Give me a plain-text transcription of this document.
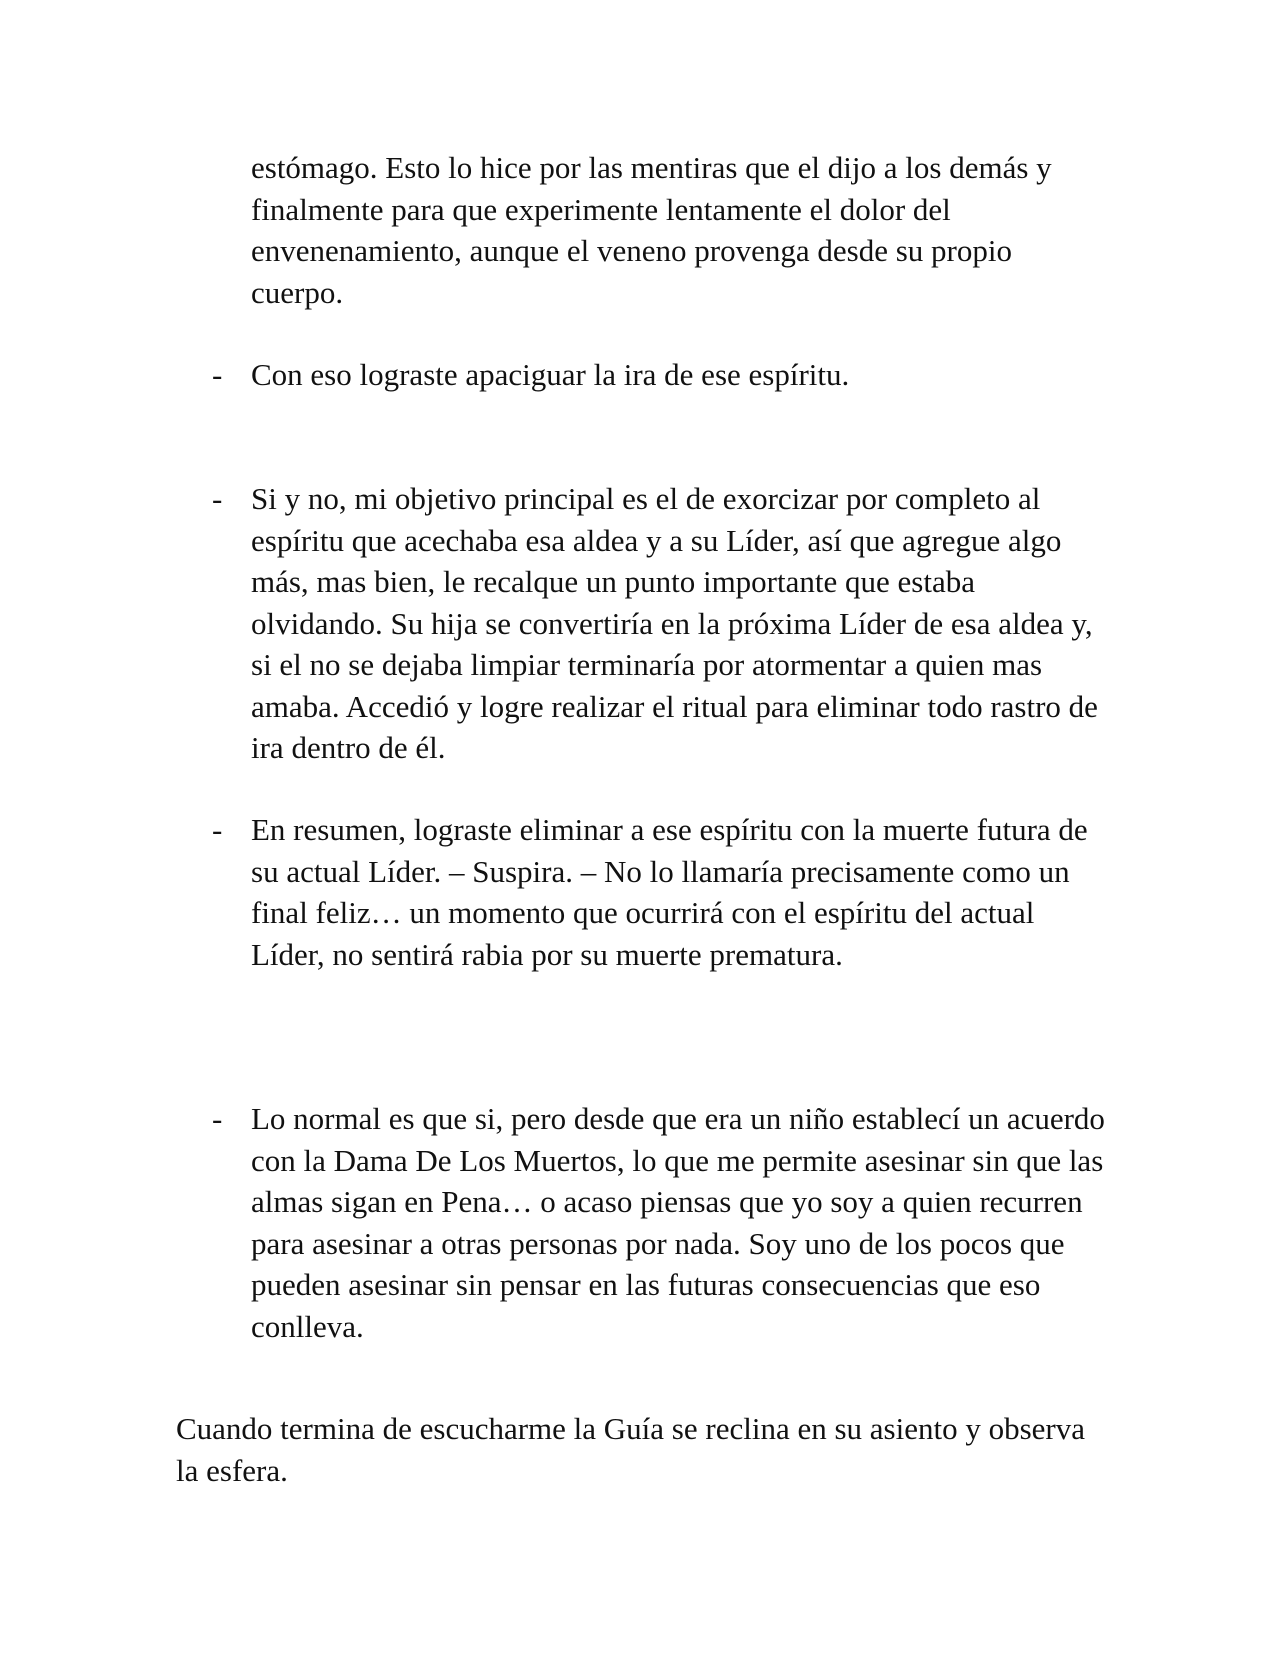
estómago. Esto lo hice por las mentiras que el dijo a los demás y finalmente para que experimente lentamente el dolor del envenenamiento, aunque el veneno provenga desde su propio cuerpo.

- Con eso lograste apaciguar la ira de ese espíritu.

- Si y no, mi objetivo principal es el de exorcizar por completo al espíritu que acechaba esa aldea y a su Líder, así que agregue algo más, mas bien, le recalque un punto importante que estaba olvidando. Su hija se convertiría en la próxima Líder de esa aldea y, si el no se dejaba limpiar terminaría por atormentar a quien mas amaba. Accedió y logre realizar el ritual para eliminar todo rastro de ira dentro de él.

- En resumen, lograste eliminar a ese espíritu con la muerte futura de su actual Líder. – Suspira. – No lo llamaría precisamente como un final feliz… un momento que ocurrirá con el espíritu del actual Líder, no sentirá rabia por su muerte prematura.

- Lo normal es que si, pero desde que era un niño establecí un acuerdo con la Dama De Los Muertos, lo que me permite asesinar sin que las almas sigan en Pena… o acaso piensas que yo soy a quien recurren para asesinar a otras personas por nada. Soy uno de los pocos que pueden asesinar sin pensar en las futuras consecuencias que eso conlleva.

Cuando termina de escucharme la Guía se reclina en su asiento y observa la esfera.
